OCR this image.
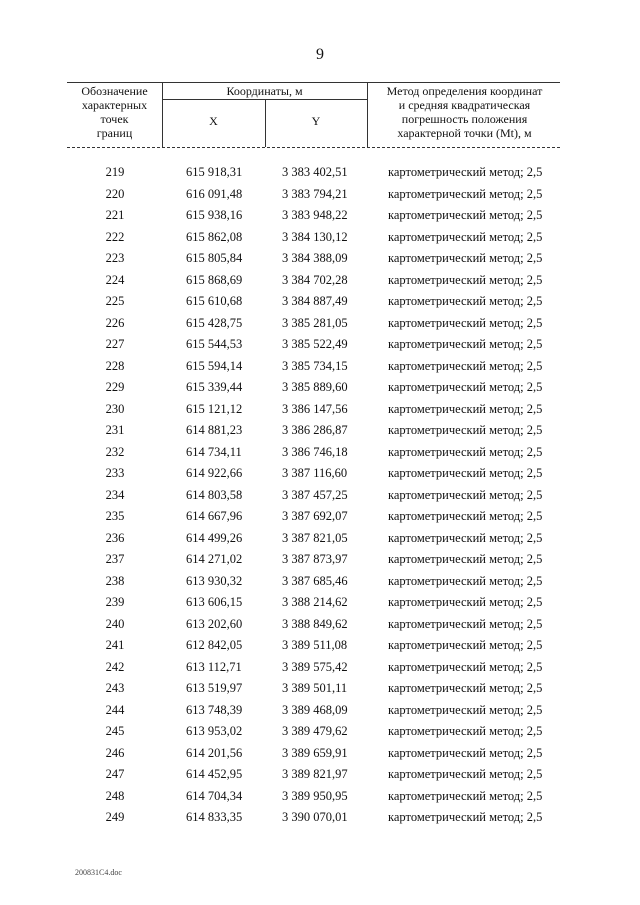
9
Обозначение
характерных
точек
границ
Координаты, м
X	Y
Метод определения координат
и средняя квадратическая
погрешность положения
характерной точки (Mt), м
219	615 918,31	3 383 402,51	картометрический метод; 2,5
220	616 091,48	3 383 794,21	картометрический метод; 2,5
221	615 938,16	3 383 948,22	картометрический метод; 2,5
222	615 862,08	3 384 130,12	картометрический метод; 2,5
223	615 805,84	3 384 388,09	картометрический метод; 2,5
224	615 868,69	3 384 702,28	картометрический метод; 2,5
225	615 610,68	3 384 887,49	картометрический метод; 2,5
226	615 428,75	3 385 281,05	картометрический метод; 2,5
227	615 544,53	3 385 522,49	картометрический метод; 2,5
228	615 594,14	3 385 734,15	картометрический метод; 2,5
229	615 339,44	3 385 889,60	картометрический метод; 2,5
230	615 121,12	3 386 147,56	картометрический метод; 2,5
231	614 881,23	3 386 286,87	картометрический метод; 2,5
232	614 734,11	3 386 746,18	картометрический метод; 2,5
233	614 922,66	3 387 116,60	картометрический метод; 2,5
234	614 803,58	3 387 457,25	картометрический метод; 2,5
235	614 667,96	3 387 692,07	картометрический метод; 2,5
236	614 499,26	3 387 821,05	картометрический метод; 2,5
237	614 271,02	3 387 873,97	картометрический метод; 2,5
238	613 930,32	3 387 685,46	картометрический метод; 2,5
239	613 606,15	3 388 214,62	картометрический метод; 2,5
240	613 202,60	3 388 849,62	картометрический метод; 2,5
241	612 842,05	3 389 511,08	картометрический метод; 2,5
242	613 112,71	3 389 575,42	картометрический метод; 2,5
243	613 519,97	3 389 501,11	картометрический метод; 2,5
244	613 748,39	3 389 468,09	картометрический метод; 2,5
245	613 953,02	3 389 479,62	картометрический метод; 2,5
246	614 201,56	3 389 659,91	картометрический метод; 2,5
247	614 452,95	3 389 821,97	картометрический метод; 2,5
248	614 704,34	3 389 950,95	картометрический метод; 2,5
249	614 833,35	3 390 070,01	картометрический метод; 2,5
200831C4.doc
